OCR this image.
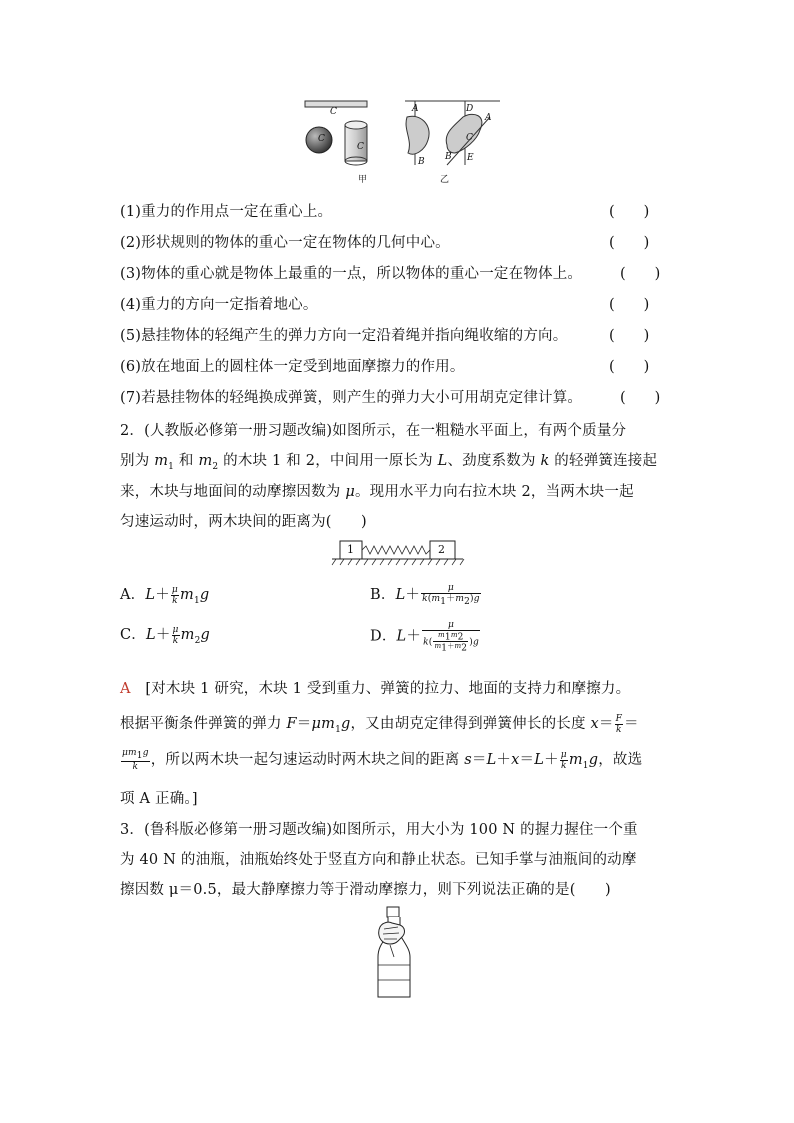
C
C
C
A
B
D
A
C
B E
甲	乙
(1)重力的作用点一定在重心上。	(　　)
(2)形状规则的物体的重心一定在物体的几何中心。	(　　)
(3)物体的重心就是物体上最重的一点，所以物体的重心一定在物体上。	(　　)
(4)重力的方向一定指着地心。	(　　)
(5)悬挂物体的轻绳产生的弹力方向一定沿着绳并指向绳收缩的方向。	(　　)
(6)放在地面上的圆柱体一定受到地面摩擦力的作用。	(　　)
(7)若悬挂物体的轻绳换成弹簧，则产生的弹力大小可用胡克定律计算。	(　　)
2．(人教版必修第一册习题改编)如图所示，在一粗糙水平面上，有两个质量分
别为 $m_1$ 和 $m_2$ 的木块 1 和 2，中间用一原长为 L、劲度系数为 k 的轻弹簧连接起
来，木块与地面间的动摩擦因数为 μ。现用水平力向右拉木块 2，当两木块一起
匀速运动时，两木块间的距离为(　　)
1	2
A．$L+ \frac{\mu}{k} m_1g$	B．$L+ \frac{\mu}{k(m_1+m_2)g}$
C．$L+ \frac{\mu}{k} m_2g$	D．$L+ \frac{\mu}{k( \frac{m_1m_2}{m_1+m_2} )g}$
A　 [对木块 1 研究，木块 1 受到重力、弹簧的拉力、地面的支持力和摩擦力。
根据平衡条件弹簧的弹力 $F=\mu m_1g$，又由胡克定律得到弹簧伸长的长度 $x= \frac{F}{k}$ ＝
$\frac{\mu m_1g}{k}$ ，所以两木块一起匀速运动时两木块之间的距离 $s=L+x=L+ \frac{\mu}{k} m_1g$，故选
项 A 正确。]
3．(鲁科版必修第一册习题改编)如图所示，用大小为 100 N 的握力握住一个重
为 40 N 的油瓶，油瓶始终处于竖直方向和静止状态。已知手掌与油瓶间的动摩
擦因数 μ＝0.5，最大静摩擦力等于滑动摩擦力，则下列说法正确的是(　　)
